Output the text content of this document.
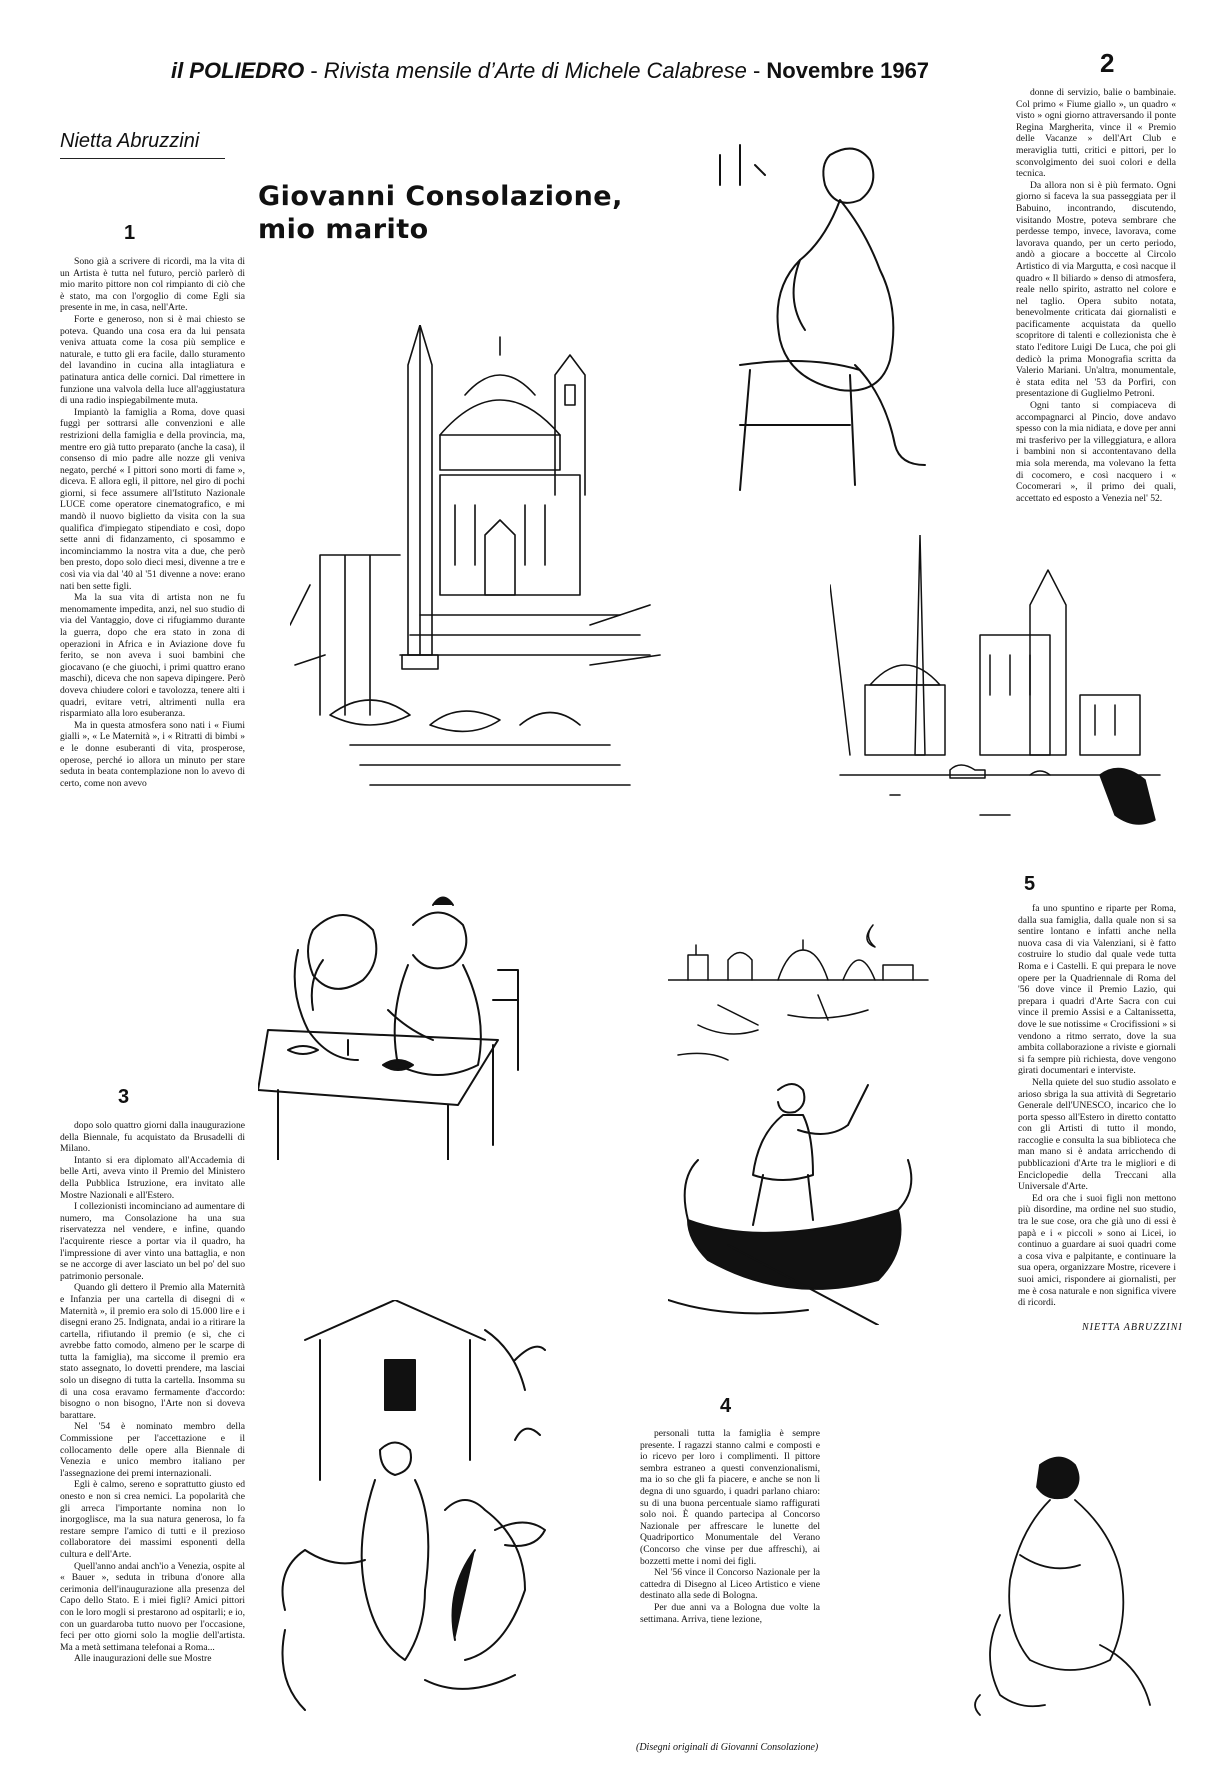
il POLIEDRO - Rivista mensile d’Arte di Michele Calabrese - Novembre 1967	2
Nietta Abruzzini
Giovanni Consolazione, mio marito
1
3
4
5

Sono già a scrivere di ricordi, ma la vita di un Artista è tutta nel futuro, perciò parlerò di mio marito pittore non col rimpianto di ciò che è stato, ma con l'orgoglio di come Egli sia presente in me, in casa, nell'Arte.

Forte e generoso, non si è mai chiesto se poteva. Quando una cosa era da lui pensata veniva attuata come la cosa più semplice e naturale, e tutto gli era facile, dallo sturamento del lavandino in cucina alla intagliatura e patinatura antica delle cornici. Dal rimettere in funzione una valvola della luce all'aggiustatura di una radio inspiegabilmente muta.

Impiantò la famiglia a Roma, dove quasi fuggì per sottrarsi alle convenzioni e alle restrizioni della famiglia e della provincia, ma, mentre ero già tutto preparato (anche la casa), il consenso di mio padre alle nozze gli veniva negato, perché « I pittori sono morti di fame », diceva. E allora egli, il pittore, nel giro di pochi giorni, si fece assumere all'Istituto Nazionale LUCE come operatore cinematografico, e mi mandò il nuovo biglietto da visita con la sua qualifica d'impiegato stipendiato e così, dopo sette anni di fidanzamento, ci sposammo e incominciammo la nostra vita a due, che però ben presto, dopo solo dieci mesi, divenne a tre e così via via dal '40 al '51 divenne a nove: erano nati ben sette figli.

Ma la sua vita di artista non ne fu menomamente impedita, anzi, nel suo studio di via del Vantaggio, dove ci rifugiammo durante la guerra, dopo che era stato in zona di operazioni in Africa e in Aviazione dove fu ferito, se non aveva i suoi bambini che giocavano (e che giuochi, i primi quattro erano maschi), diceva che non sapeva dipingere. Però doveva chiudere colori e tavolozza, tenere alti i quadri, evitare vetri, altrimenti nulla era risparmiato alla loro esuberanza.

Ma in questa atmosfera sono nati i « Fiumi gialli », « Le Maternità », i « Ritratti di bimbi » e le donne esuberanti di vita, prosperose, operose, perché io allora un minuto per stare seduta in beata contemplazione non lo avevo di certo, come non avevo

dopo solo quattro giorni dalla inaugurazione della Biennale, fu acquistato da Brusadelli di Milano.

Intanto si era diplomato all'Accademia di belle Arti, aveva vinto il Premio del Ministero della Pubblica Istruzione, era invitato alle Mostre Nazionali e all'Estero.

I collezionisti incominciano ad aumentare di numero, ma Consolazione ha una sua riservatezza nel vendere, e infine, quando l'acquirente riesce a portar via il quadro, ha l'impressione di aver vinto una battaglia, e non se ne accorge di aver lasciato un bel po' del suo patrimonio personale.

Quando gli dettero il Premio alla Maternità e Infanzia per una cartella di disegni di « Maternità », il premio era solo di 15.000 lire e i disegni erano 25. Indignata, andai io a ritirare la cartella, rifiutando il premio (e sì, che ci avrebbe fatto comodo, almeno per le scarpe di tutta la famiglia), ma siccome il premio era stato assegnato, lo dovetti prendere, ma lasciai solo un disegno di tutta la cartella. Insomma su di una cosa eravamo fermamente d'accordo: bisogno o non bisogno, l'Arte non si doveva barattare.

Nel '54 è nominato membro della Commissione per l'accettazione e il collocamento delle opere alla Biennale di Venezia e unico membro italiano per l'assegnazione dei premi internazionali.

Egli è calmo, sereno e soprattutto giusto ed onesto e non si crea nemici. La popolarità che gli arreca l'importante nomina non lo inorgoglisce, ma la sua natura generosa, lo fa restare sempre l'amico di tutti e il prezioso collaboratore dei massimi esponenti della cultura e dell'Arte.

Quell'anno andai anch'io a Venezia, ospite al « Bauer », seduta in tribuna d'onore alla cerimonia dell'inaugurazione alla presenza del Capo dello Stato. E i miei figli? Amici pittori con le loro mogli si prestarono ad ospitarli; e io, con un guardaroba tutto nuovo per l'occasione, feci per otto giorni solo la moglie dell'artista. Ma a metà settimana telefonai a Roma...

Alle inaugurazioni delle sue Mostre

donne di servizio, balie o bambinaie. Col primo « Fiume giallo », un quadro « visto » ogni giorno attraversando il ponte Regina Margherita, vince il « Premio delle Vacanze » dell'Art Club e meraviglia tutti, critici e pittori, per lo sconvolgimento dei suoi colori e della tecnica.

Da allora non si è più fermato. Ogni giorno si faceva la sua passeggiata per il Babuino, incontrando, discutendo, visitando Mostre, poteva sembrare che perdesse tempo, invece, lavorava, come lavorava quando, per un certo periodo, andò a giocare a boccette al Circolo Artistico di via Margutta, e così nacque il quadro « Il biliardo » denso di atmosfera, reale nello spirito, astratto nel colore e nel taglio. Opera subito notata, benevolmente criticata dai giornalisti e pacificamente acquistata da quello scopritore di talenti e collezionista che è stato l'editore Luigi De Luca, che poi gli dedicò la prima Monografia scritta da Valerio Mariani. Un'altra, monumentale, è stata edita nel '53 da Porfiri, con presentazione di Guglielmo Petroni.

Ogni tanto si compiaceva di accompagnarci al Pincio, dove andavo spesso con la mia nidiata, e dove per anni mi trasferivo per la villeggiatura, e allora i bambini non si accontentavano della mia sola merenda, ma volevano la fetta di cocomero, e così nacquero i « Cocomerari », il primo dei quali, accettato ed esposto a Venezia nel' 52.

personali tutta la famiglia è sempre presente. I ragazzi stanno calmi e composti e io ricevo per loro i complimenti. Il pittore sembra estraneo a questi convenzionalismi, ma io so che gli fa piacere, e anche se non li degna di uno sguardo, i quadri parlano chiaro: su di una buona percentuale siamo raffigurati solo noi. È quando partecipa al Concorso Nazionale per affrescare le lunette del Quadriportico Monumentale del Verano (Concorso che vinse per due affreschi), ai bozzetti mette i nomi dei figli.

Nel '56 vince il Concorso Nazionale per la cattedra di Disegno al Liceo Artistico e viene destinato alla sede di Bologna.

Per due anni va a Bologna due volte la settimana. Arriva, tiene lezione,

fa uno spuntino e riparte per Roma, dalla sua famiglia, dalla quale non si sa sentire lontano e infatti anche nella nuova casa di via Valenziani, si è fatto costruire lo studio dal quale vede tutta Roma e i Castelli. E qui prepara le nove opere per la Quadriennale di Roma del '56 dove vince il Premio Lazio, qui prepara i quadri d'Arte Sacra con cui vince il premio Assisi e a Caltanissetta, dove le sue notissime « Crocifissioni » si vendono a ritmo serrato, dove la sua ambita collaborazione a riviste e giornali si fa sempre più richiesta, dove vengono girati documentari e interviste.

Nella quiete del suo studio assolato e arioso sbriga la sua attività di Segretario Generale dell'UNESCO, incarico che lo porta spesso all'Estero in diretto contatto con gli Artisti di tutto il mondo, raccoglie e consulta la sua biblioteca che man mano si è andata arricchendo di pubblicazioni d'Arte tra le migliori e di Enciclopedie della Treccani alla Universale d'Arte.

Ed ora che i suoi figli non mettono più disordine, ma ordine nel suo studio, tra le sue cose, ora che già uno di essi è papà e i « piccoli » sono ai Licei, io continuo a guardare ai suoi quadri come a cosa viva e palpitante, e continuare la sua opera, organizzare Mostre, ricevere i suoi amici, rispondere ai giornalisti, per me è cosa naturale e non significa vivere di ricordi.

NIETTA ABRUZZINI
(Disegni originali di Giovanni Consolazione)
